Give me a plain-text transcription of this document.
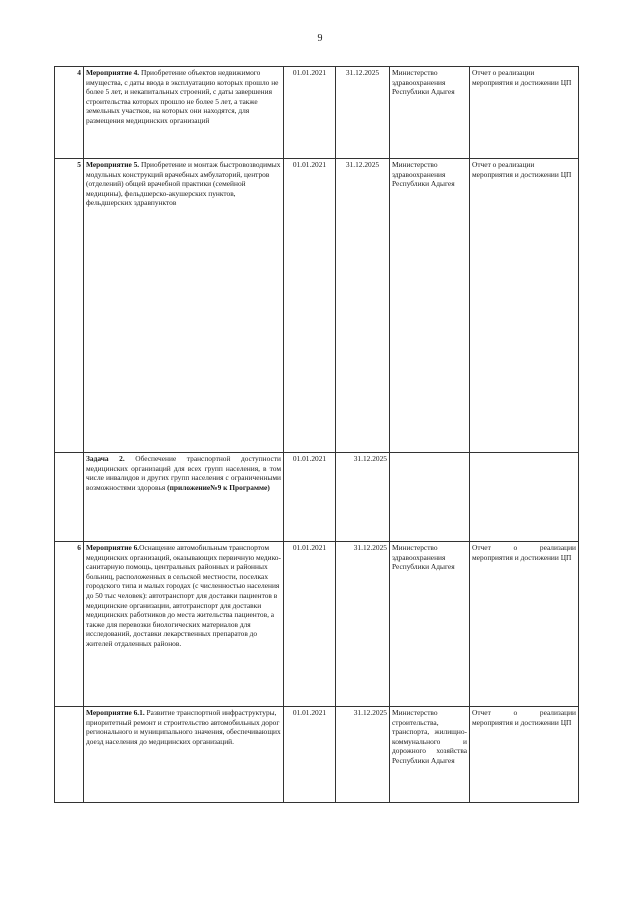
9
4	Мероприятие 4. Приобретение объектов недвижимого имущества, с даты ввода в эксплуатацию которых прошло не более 5 лет, и некапитальных строений, с даты завершения строительства которых прошло не более 5 лет, а также земельных участков, на которых они находятся, для размещения медицинских организаций	01.01.2021	31.12.2025	Министерство здравоохранения Республики Адыгея	Отчет о реализации мероприятия и достижении ЦП
5	Мероприятие 5. Приобретение и монтаж быстровозводимых модульных конструкций врачебных амбулаторий, центров (отделений) общей врачебной практики (семейной медицины), фельдшерско-акушерских пунктов, фельдшерских здравпунктов	01.01.2021	31.12.2025	Министерство здравоохранения Республики Адыгея	Отчет о реализации мероприятия и достижении ЦП
	Задача 2. Обеспечение транспортной доступности медицинских организаций для всех групп населения, в том числе инвалидов и других групп населения с ограниченными возможностями здоровья (приложение№9 к Программе)	01.01.2021	31.12.2025		
6	Мероприятие 6.Оснащение автомобильным транспортом медицинских организаций, оказывающих первичную медико-санитарную помощь, центральных районных и районных больниц, расположенных в сельской местности, поселках городского типа и малых городах (с численностью населения до 50 тыс человек): автотранспорт для доставки пациентов в медицинские организации, автотранспорт для доставки медицинских работников до места жительства пациентов, а также для перевозки биологических материалов для исследований, доставки лекарственных препаратов до жителей отдаленных районов.	01.01.2021	31.12.2025	Министерство здравоохранения Республики Адыгея	Отчет о реализации мероприятия и достижении ЦП
	Мероприятие 6.1. Развитие транспортной инфраструктуры, приоритетный ремонт и строительство автомобильных дорог регионального и муниципального значения, обеспечивающих доезд населения до медицинских организаций.	01.01.2021	31.12.2025	Министерство строительства, транспорта, жилищно-коммунального и дорожного хозяйства Республики Адыгея	Отчет о реализации мероприятия и достижении ЦП
